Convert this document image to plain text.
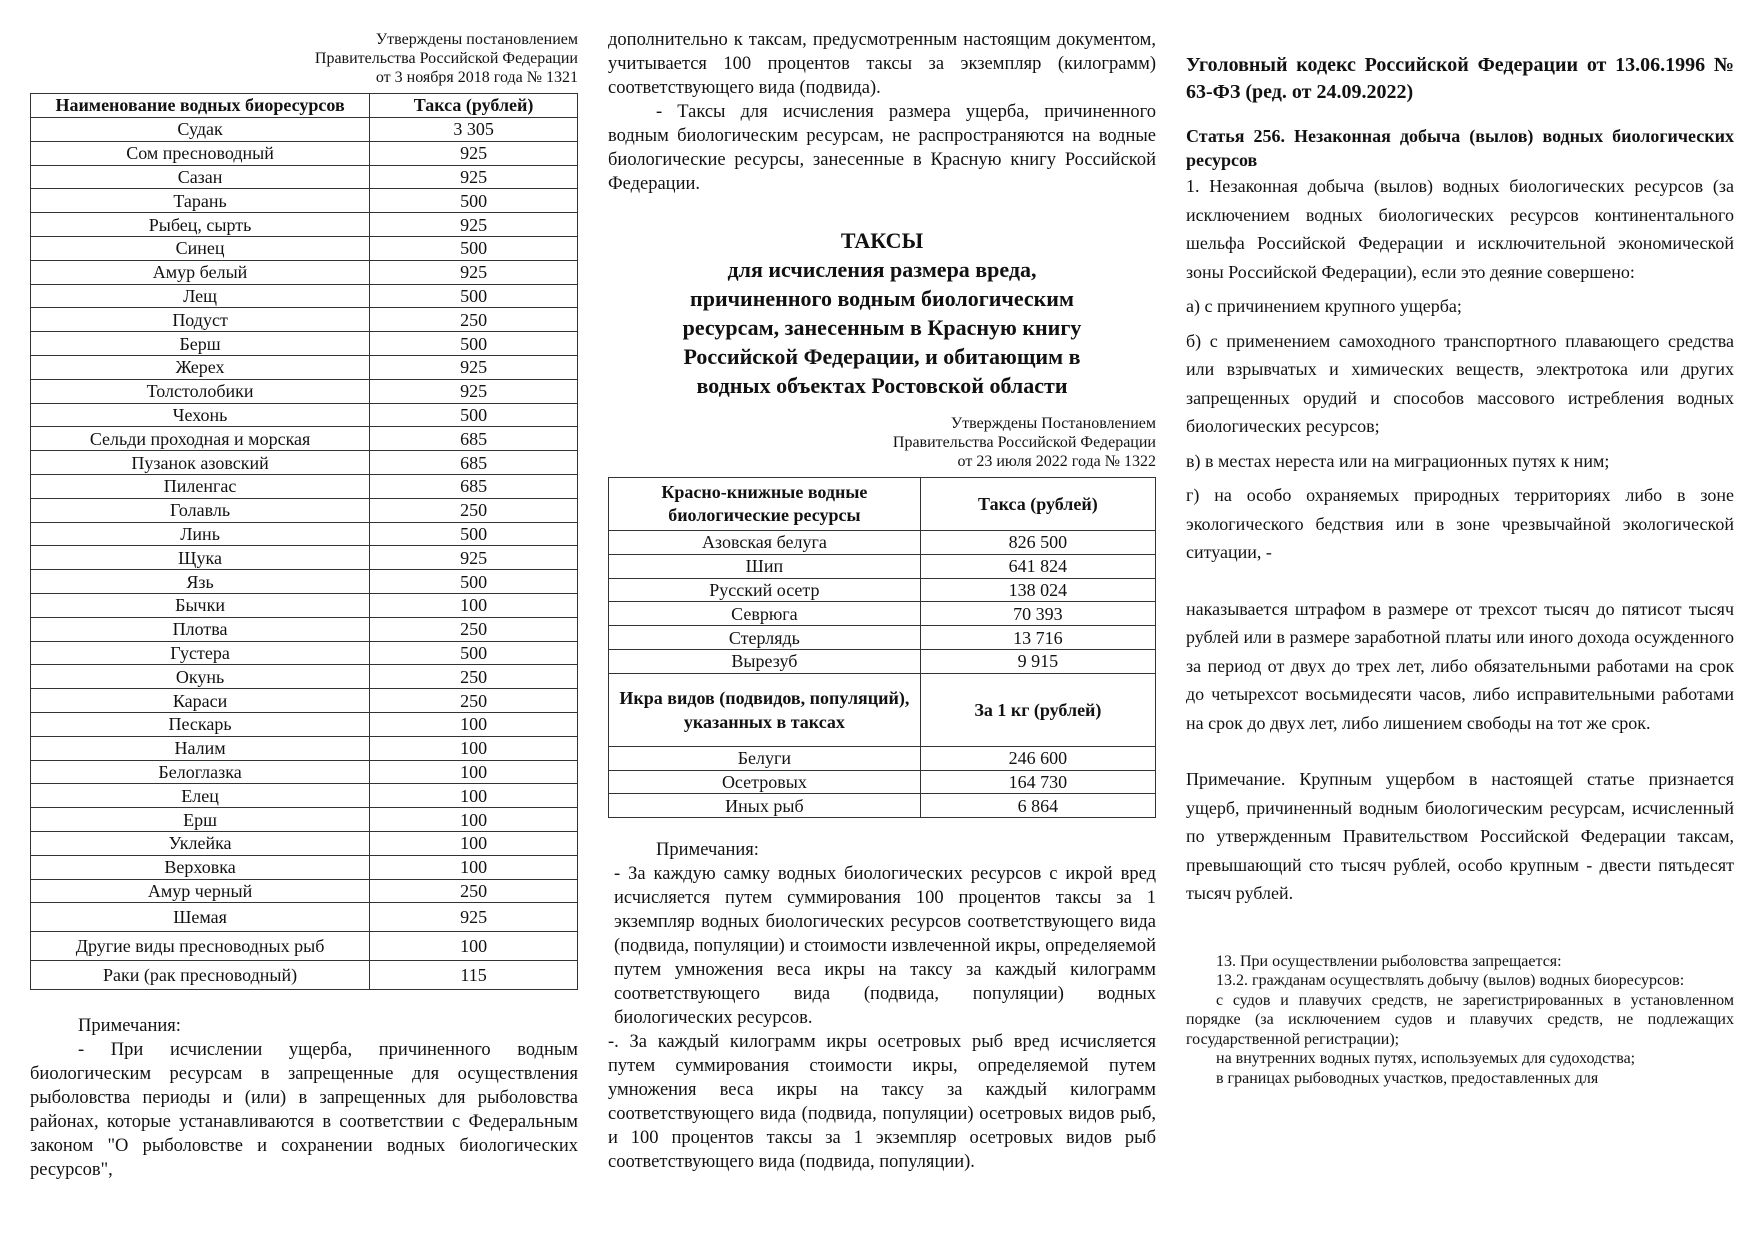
Утверждены постановлением
Правительства Российской Федерации
от 3 ноября 2018 года № 1321
Наименование водных биоресурсов	Такса (рублей)
Судак	3 305
Сом пресноводный	925
Сазан	925
Тарань	500
Рыбец, сырть	925
Синец	500
Амур белый	925
Лещ	500
Подуст	250
Берш	500
Жерех	925
Толстолобики	925
Чехонь	500
Сельди проходная и морская	685
Пузанок азовский	685
Пиленгас	685
Голавль	250
Линь	500
Щука	925
Язь	500
Бычки	100
Плотва	250
Густера	500
Окунь	250
Караси	250
Пескарь	100
Налим	100
Белоглазка	100
Елец	100
Ерш	100
Уклейка	100
Верховка	100
Амур черный	250
Шемая	925
Другие виды пресноводных рыб	100
Раки (рак пресноводный)	115

Примечания:

- При исчислении ущерба, причиненного водным биологическим ресурсам в запрещенные для осуществления рыболовства периоды и (или) в запрещенных для рыболовства районах, которые устанавливаются в соответствии с Федеральным законом "О рыболовстве и сохранении водных биологических ресурсов",

дополнительно к таксам, предусмотренным настоящим документом, учитывается 100 процентов таксы за экземпляр (килограмм) соответствующего вида (подвида).

- Таксы для исчисления размера ущерба, причиненного водным биологическим ресурсам, не распространяются на водные биологические ресурсы, занесенные в Красную книгу Российской Федерации.

ТАКСЫ
для исчисления размера вреда,
причиненного водным биологическим
ресурсам, занесенным в Красную книгу
Российской Федерации, и обитающим в
водных объектах Ростовской области
Утверждены Постановлением
Правительства Российской Федерации
от 23 июля 2022 года № 1322
Красно-книжные водные биологические ресурсы	Такса (рублей)
Азовская белуга	826 500
Шип	641 824
Русский осетр	138 024
Севрюга	70 393
Стерлядь	13 716
Вырезуб	9 915
Икра видов (подвидов, популяций), указанных в таксах	За 1 кг (рублей)
Белуги	246 600
Осетровых	164 730
Иных рыб	6 864

Примечания:

- За каждую самку водных биологических ресурсов с икрой вред исчисляется путем суммирования 100 процентов таксы за 1 экземпляр водных биологических ресурсов соответствующего вида (подвида, популяции) и стоимости извлеченной икры, определяемой путем умножения веса икры на таксу за каждый килограмм соответствующего вида (подвида, популяции) водных биологических ресурсов.

-. За каждый килограмм икры осетровых рыб вред исчисляется путем суммирования стоимости икры, определяемой путем умножения веса икры на таксу за каждый килограмм соответствующего вида (подвида, популяции) осетровых видов рыб, и 100 процентов таксы за 1 экземпляр осетровых видов рыб соответствующего вида (подвида, популяции).

Уголовный кодекс Российской Федерации от 13.06.1996 № 63-ФЗ (ред. от 24.09.2022)
Статья 256. Незаконная добыча (вылов) водных биологических ресурсов

1. Незаконная добыча (вылов) водных биологических ресурсов (за исключением водных биологических ресурсов континентального шельфа Российской Федерации и исключительной экономической зоны Российской Федерации), если это деяние совершено:

а) с причинением крупного ущерба;

б) с применением самоходного транспортного плавающего средства или взрывчатых и химических веществ, электротока или других запрещенных орудий и способов массового истребления водных биологических ресурсов;

в) в местах нереста или на миграционных путях к ним;

г) на особо охраняемых природных территориях либо в зоне экологического бедствия или в зоне чрезвычайной экологической ситуации, -

наказывается штрафом в размере от трехсот тысяч до пятисот тысяч рублей или в размере заработной платы или иного дохода осужденного за период от двух до трех лет, либо обязательными работами на срок до четырехсот восьмидесяти часов, либо исправительными работами на срок до двух лет, либо лишением свободы на тот же срок.

Примечание. Крупным ущербом в настоящей статье признается ущерб, причиненный водным биологическим ресурсам, исчисленный по утвержденным Правительством Российской Федерации таксам, превышающий сто тысяч рублей, особо крупным - двести пятьдесят тысяч рублей.

13. При осуществлении рыболовства запрещается:

13.2. гражданам осуществлять добычу (вылов) водных биоресурсов:

с судов и плавучих средств, не зарегистрированных в установленном порядке (за исключением судов и плавучих средств, не подлежащих государственной регистрации);

на внутренних водных путях, используемых для судоходства;

в границах рыбоводных участков, предоставленных для
